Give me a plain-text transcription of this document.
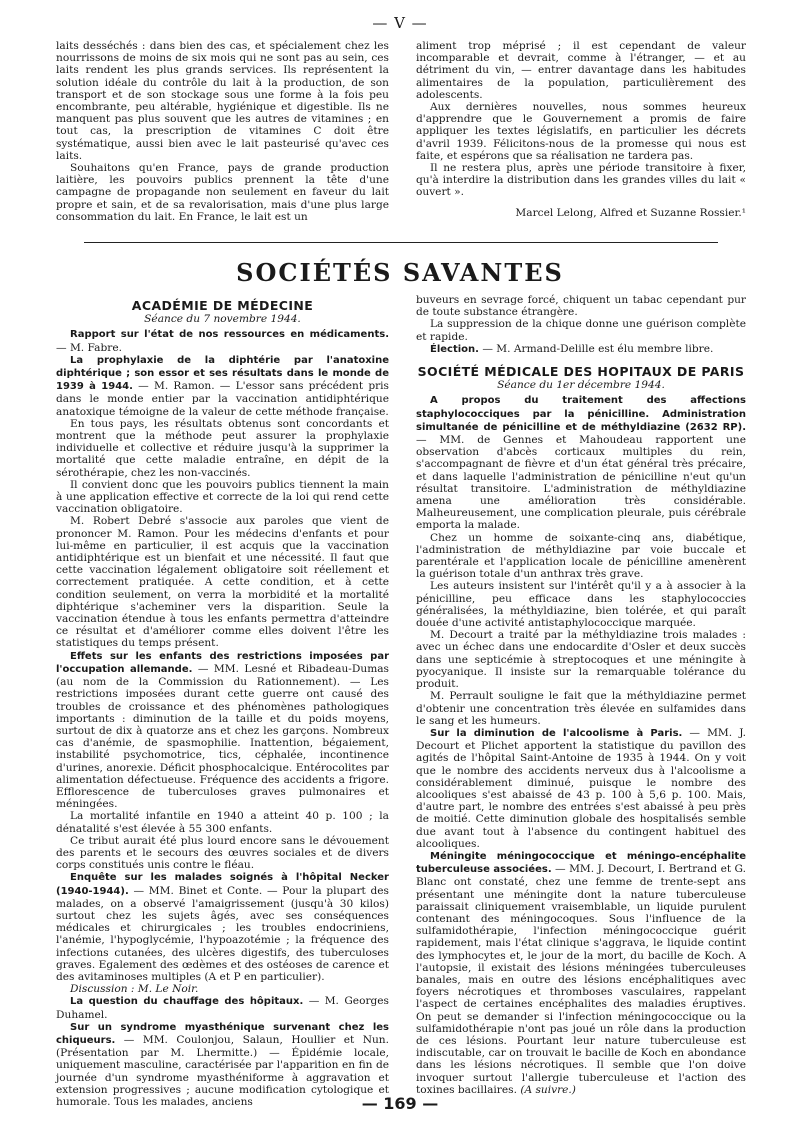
— V —

laits desséchés : dans bien des cas, et spécialement chez les nourrissons de moins de six mois qui ne sont pas au sein, ces laits rendent les plus grands services. Ils représentent la solution idéale du contrôle du lait à la production, de son transport et de son stockage sous une forme à la fois peu encombrante, peu altérable, hygiénique et digestible. Ils ne manquent pas plus souvent que les autres de vitamines ; en tout cas, la prescription de vitamines C doit être systématique, aussi bien avec le lait pasteurisé qu'avec ces laits.

Souhaitons qu'en France, pays de grande production laitière, les pouvoirs publics prennent la tête d'une campagne de propagande non seulement en faveur du lait propre et sain, et de sa revalorisation, mais d'une plus large consommation du lait. En France, le lait est un

aliment trop méprisé ; il est cependant de valeur incomparable et devrait, comme à l'étranger, — et au détriment du vin, — entrer davantage dans les habitudes alimentaires de la population, particulièrement des adolescents.

Aux dernières nouvelles, nous sommes heureux d'apprendre que le Gouvernement a promis de faire appliquer les textes législatifs, en particulier les décrets d'avril 1939. Félicitons-nous de la promesse qui nous est faite, et espérons que sa réalisation ne tardera pas.

Il ne restera plus, après une période transitoire à fixer, qu'à interdire la distribution dans les grandes villes du lait « ouvert ».

Marcel Lelong, Alfred et Suzanne Rossier.¹

SOCIÉTÉS SAVANTES
ACADÉMIE DE MÉDECINE
Séance du 7 novembre 1944.

Rapport sur l'état de nos ressources en médicaments. — M. Fabre.

La prophylaxie de la diphtérie par l'anatoxine diphtérique ; son essor et ses résultats dans le monde de 1939 à 1944. — M. Ramon. — L'essor sans précédent pris dans le monde entier par la vaccination antidiphtérique anatoxique témoigne de la valeur de cette méthode française.

En tous pays, les résultats obtenus sont concordants et montrent que la méthode peut assurer la prophylaxie individuelle et collective et réduire jusqu'à la supprimer la mortalité que cette maladie entraîne, en dépit de la sérothérapie, chez les non-vaccinés.

Il convient donc que les pouvoirs publics tiennent la main à une application effective et correcte de la loi qui rend cette vaccination obligatoire.

M. Robert Debré s'associe aux paroles que vient de prononcer M. Ramon. Pour les médecins d'enfants et pour lui-même en particulier, il est acquis que la vaccination antidiphtérique est un bienfait et une nécessité. Il faut que cette vaccination légalement obligatoire soit réellement et correctement pratiquée. A cette condition, et à cette condition seulement, on verra la morbidité et la mortalité diphtérique s'acheminer vers la disparition. Seule la vaccination étendue à tous les enfants permettra d'atteindre ce résultat et d'améliorer comme elles doivent l'être les statistiques du temps présent.

Effets sur les enfants des restrictions imposées par l'occupation allemande. — MM. Lesné et Ribadeau-Dumas (au nom de la Commission du Rationnement). — Les restrictions imposées durant cette guerre ont causé des troubles de croissance et des phénomènes pathologiques importants : diminution de la taille et du poids moyens, surtout de dix à quatorze ans et chez les garçons. Nombreux cas d'anémie, de spasmophilie. Inattention, bégaiement, instabilité psychomotrice, tics, céphalée, incontinence d'urines, anorexie. Déficit phosphocalcique. Entérocolites par alimentation défectueuse. Fréquence des accidents a frigore. Efflorescence de tuberculoses graves pulmonaires et méningées.

La mortalité infantile en 1940 a atteint 40 p. 100 ; la dénatalité s'est élevée à 55 300 enfants.

Ce tribut aurait été plus lourd encore sans le dévouement des parents et le secours des œuvres sociales et de divers corps constitués unis contre le fléau.

Enquête sur les malades soignés à l'hôpital Necker (1940-1944). — MM. Binet et Conte. — Pour la plupart des malades, on a observé l'amaigrissement (jusqu'à 30 kilos) surtout chez les sujets âgés, avec ses conséquences médicales et chirurgicales ; les troubles endocriniens, l'anémie, l'hypoglycémie, l'hypoazotémie ; la fréquence des infections cutanées, des ulcères digestifs, des tuberculoses graves. Egalement des œdèmes et des ostéoses de carence et des avitaminoses multiples (A et P en particulier).

Discussion : M. Le Noir.

La question du chauffage des hôpitaux. — M. Georges Duhamel.

Sur un syndrome myasthénique survenant chez les chiqueurs. — MM. Coulonjou, Salaun, Houllier et Nun. (Présentation par M. Lhermitte.) — Épidémie locale, uniquement masculine, caractérisée par l'apparition en fin de journée d'un syndrome myasthéniforme à aggravation et extension progressives ; aucune modification cytologique et humorale. Tous les malades, anciens

buveurs en sevrage forcé, chiquent un tabac cependant pur de toute substance étrangère.

La suppression de la chique donne une guérison complète et rapide.

Élection. — M. Armand-Delille est élu membre libre.

SOCIÉTÉ MÉDICALE DES HOPITAUX DE PARIS
Séance du 1er décembre 1944.

A propos du traitement des affections staphylococciques par la pénicilline. Administration simultanée de pénicilline et de méthyldiazine (2632 RP). — MM. de Gennes et Mahoudeau rapportent une observation d'abcès corticaux multiples du rein, s'accompagnant de fièvre et d'un état général très précaire, et dans laquelle l'administration de pénicilline n'eut qu'un résultat transitoire. L'administration de méthyldiazine amena une amélioration très considérable. Malheureusement, une complication pleurale, puis cérébrale emporta la malade.

Chez un homme de soixante-cinq ans, diabétique, l'administration de méthyldiazine par voie buccale et parentérale et l'application locale de pénicilline amenèrent la guérison totale d'un anthrax très grave.

Les auteurs insistent sur l'intérêt qu'il y a à associer à la pénicilline, peu efficace dans les staphylococcies généralisées, la méthyldiazine, bien tolérée, et qui paraît douée d'une activité antistaphylococcique marquée.

M. Decourt a traité par la méthyldiazine trois malades : avec un échec dans une endocardite d'Osler et deux succès dans une septicémie à streptocoques et une méningite à pyocyanique. Il insiste sur la remarquable tolérance du produit.

M. Perrault souligne le fait que la méthyldiazine permet d'obtenir une concentration très élevée en sulfamides dans le sang et les humeurs.

Sur la diminution de l'alcoolisme à Paris. — MM. J. Decourt et Plichet apportent la statistique du pavillon des agités de l'hôpital Saint-Antoine de 1935 à 1944. On y voit que le nombre des accidents nerveux dus à l'alcoolisme a considérablement diminué, puisque le nombre des alcooliques s'est abaissé de 43 p. 100 à 5,6 p. 100. Mais, d'autre part, le nombre des entrées s'est abaissé à peu près de moitié. Cette diminution globale des hospitalisés semble due avant tout à l'absence du contingent habituel des alcooliques.

Méningite méningococcique et méningo-encéphalite tuberculeuse associées. — MM. J. Decourt, I. Bertrand et G. Blanc ont constaté, chez une femme de trente-sept ans présentant une méningite dont la nature tuberculeuse paraissait cliniquement vraisemblable, un liquide purulent contenant des méningocoques. Sous l'influence de la sulfamidothérapie, l'infection méningococcique guérit rapidement, mais l'état clinique s'aggrava, le liquide contint des lymphocytes et, le jour de la mort, du bacille de Koch. A l'autopsie, il existait des lésions méningées tuberculeuses banales, mais en outre des lésions encéphalitiques avec foyers nécrotiques et thromboses vasculaires, rappelant l'aspect de certaines encéphalites des maladies éruptives. On peut se demander si l'infection méningococcique ou la sulfamidothérapie n'ont pas joué un rôle dans la production de ces lésions. Pourtant leur nature tuberculeuse est indiscutable, car on trouvait le bacille de Koch en abondance dans les lésions nécrotiques. Il semble que l'on doive invoquer surtout l'allergie tuberculeuse et l'action des toxines bacillaires. (A suivre.)

— 169 —
